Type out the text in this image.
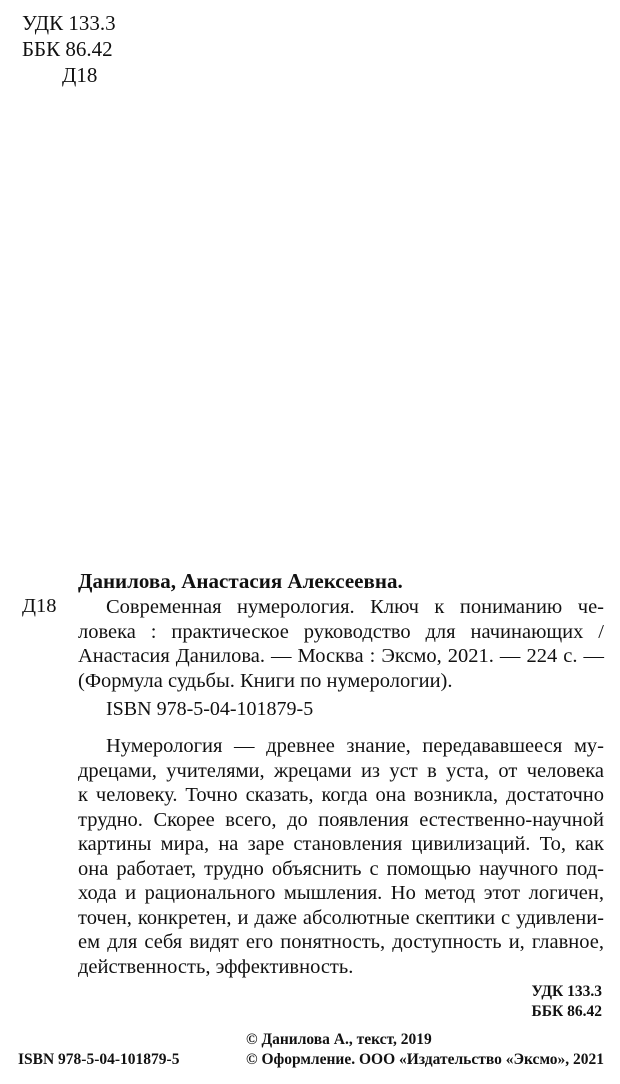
УДК 133.3
ББК 86.42
Д18
Данилова, Анастасия Алексеевна.
Д18	Современная нумерология. Ключ к пониманию че-
ловека : практическое руководство для начинающих /
Анастасия Данилова. — Москва : Эксмо, 2021. — 224 с. —
(Формула судьбы. Книги по нумерологии).
ISBN 978-5-04-101879-5
Нумерология — древнее знание, передававшееся му-
дрецами, учителями, жрецами из уст в уста, от человека
к человеку. Точно сказать, когда она возникла, достаточно
трудно. Скорее всего, до появления естественно-научной
картины мира, на заре становления цивилизаций. То, как
она работает, трудно объяснить с помощью научного под-
хода и рационального мышления. Но метод этот логичен,
точен, конкретен, и даже абсолютные скептики с удивлени-
ем для себя видят его понятность, доступность и, главное,
действенность, эффективность.
УДК 133.3
ББК 86.42
ISBN 978-5-04-101879-5
© Данилова А., текст, 2019
© Оформление. ООО «Издательство «Эксмо», 2021
